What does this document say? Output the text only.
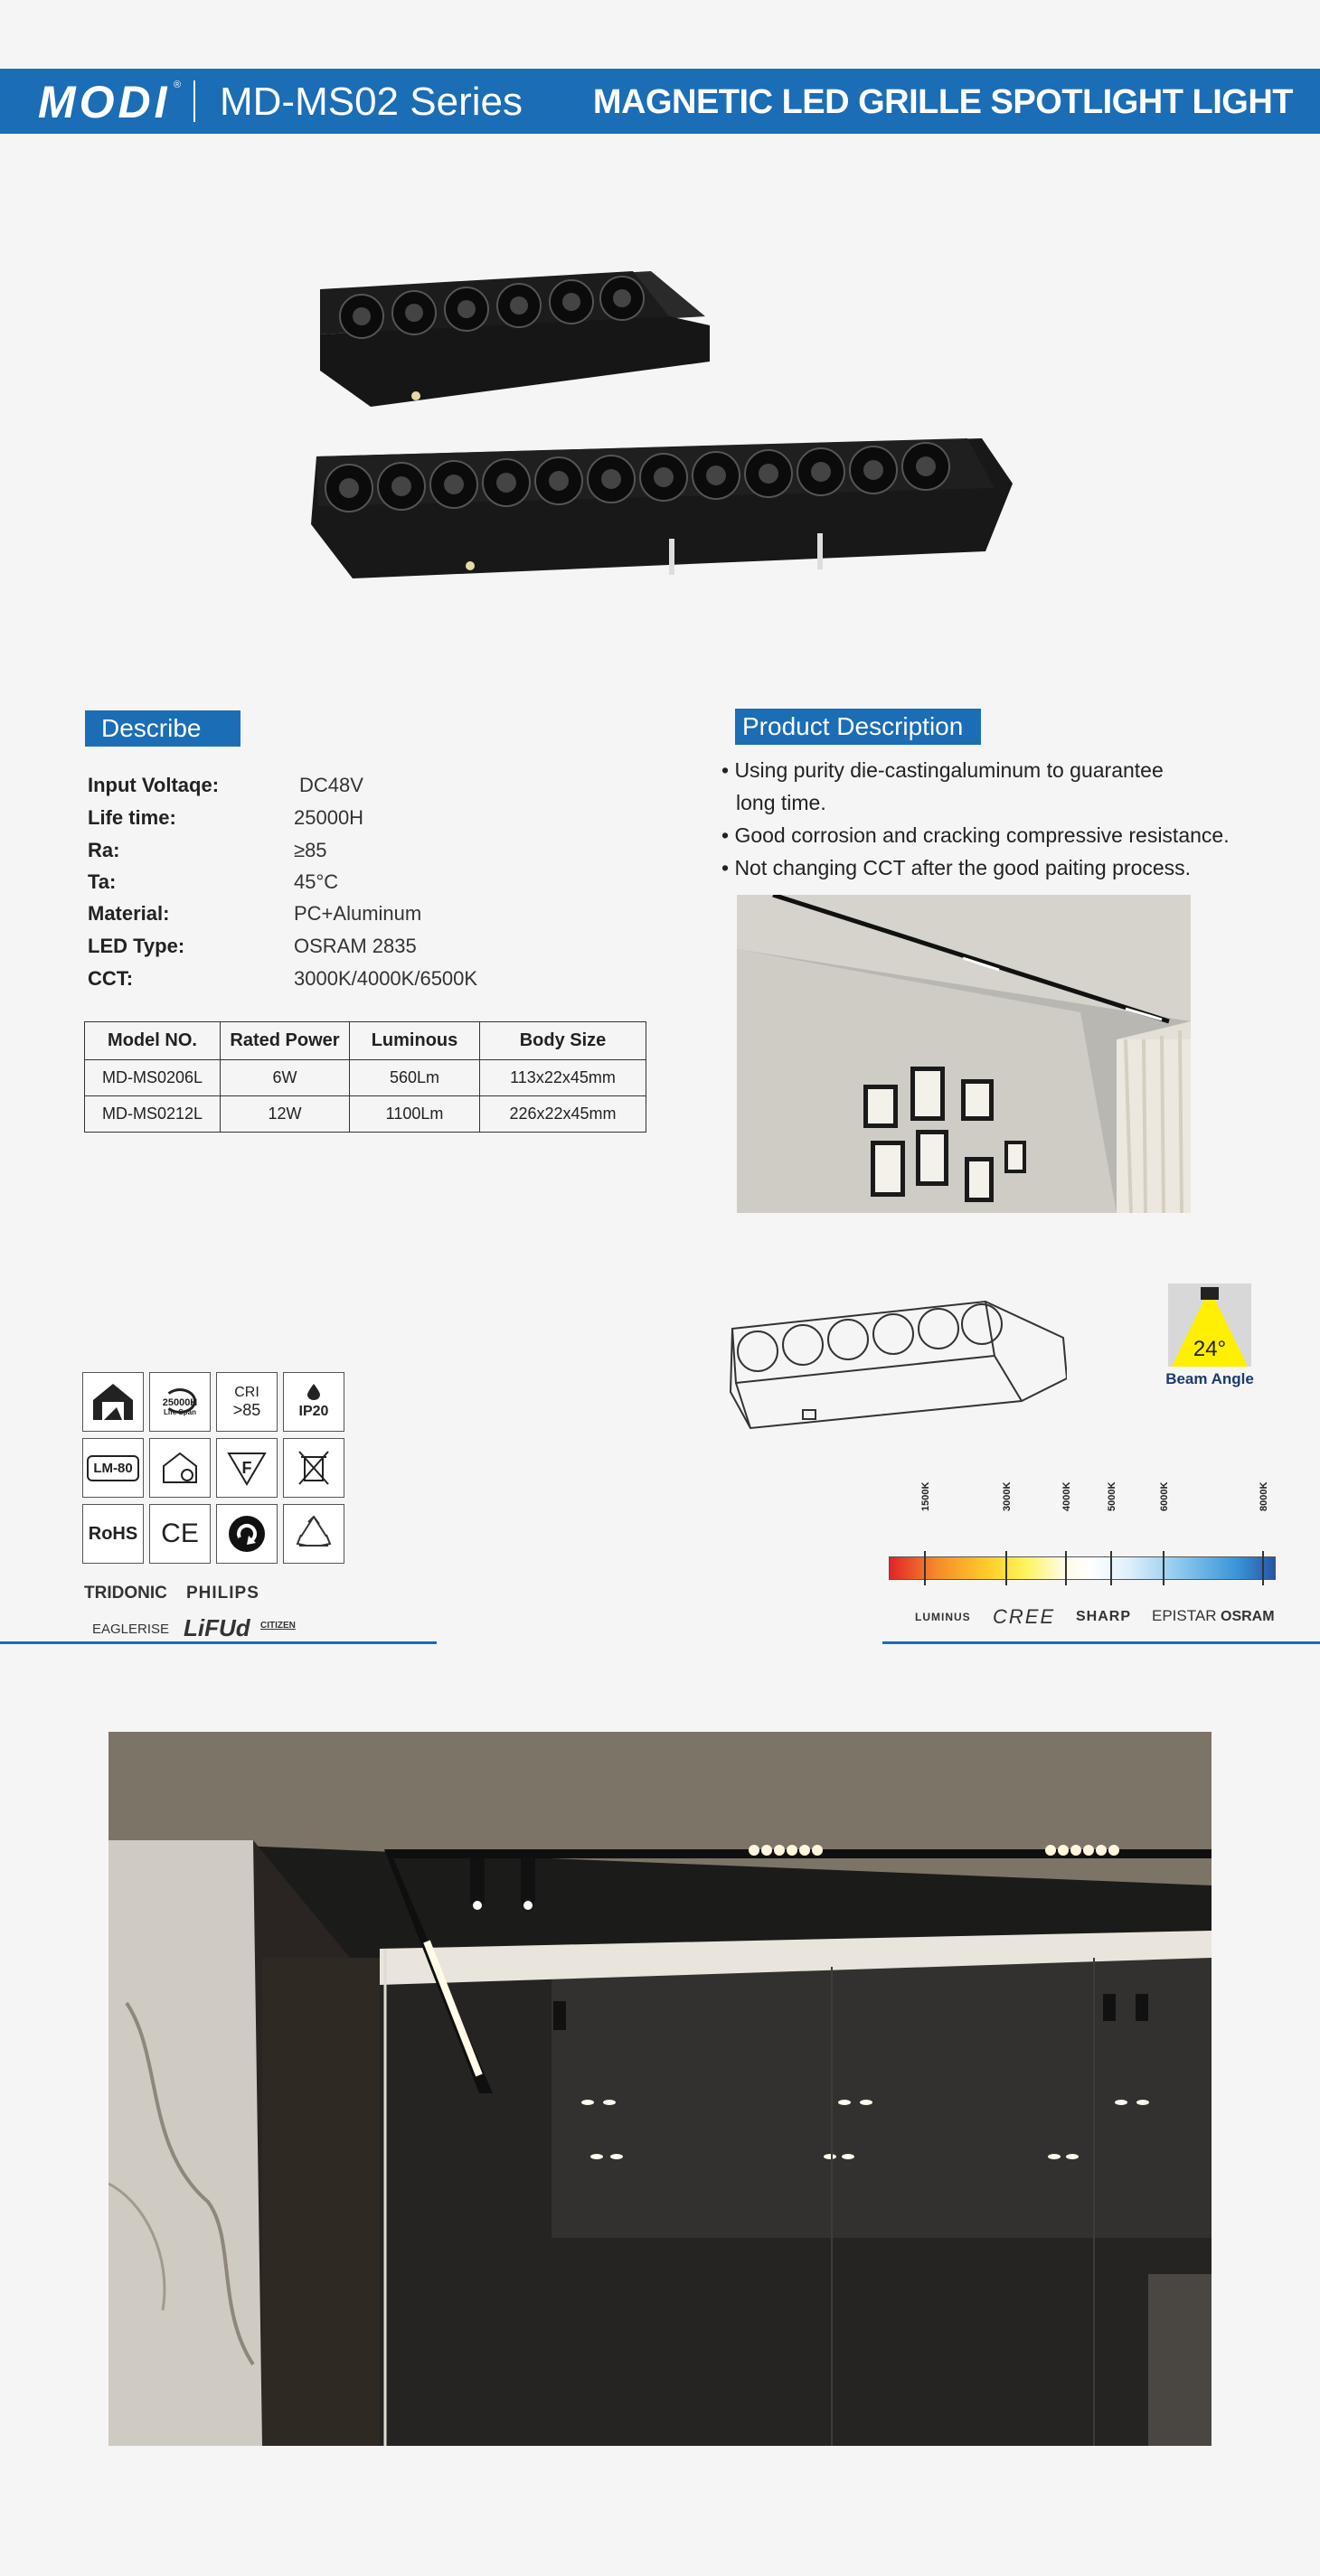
MODI ® MD-MS02 Series MAGNETIC LED GRILLE SPOTLIGHT LIGHT
Describe
Input Voltaqe:	DC48V
Life time:	25000H
Ra:	≥85
Ta:	45°C
Material:	PC+Aluminum
LED Type:	OSRAM 2835
CCT:	3000K/4000K/6500K
Model NO.	Rated Power	Luminous	Body Size
MD-MS0206L	6W	560Lm	113x22x45mm
MD-MS0212L	12W	1100Lm	226x22x45mm
Product Description
• Using purity die-castingaluminum to guarantee
long time.
• Good corrosion and cracking compressive resistance.
• Not changing CCT after the good paiting process.
24°
Beam Angle
25000H
Life Span
CRI
>85	IP20
LM-80	F
RoHS CE
TRIDONIC PHILIPS
EAGLERISE LiFUd CITIZEN
1500K	3000K	4000K	5000K	6000K	8000K
LUMINUS CREE SHARP EPISTAR OSRAM
